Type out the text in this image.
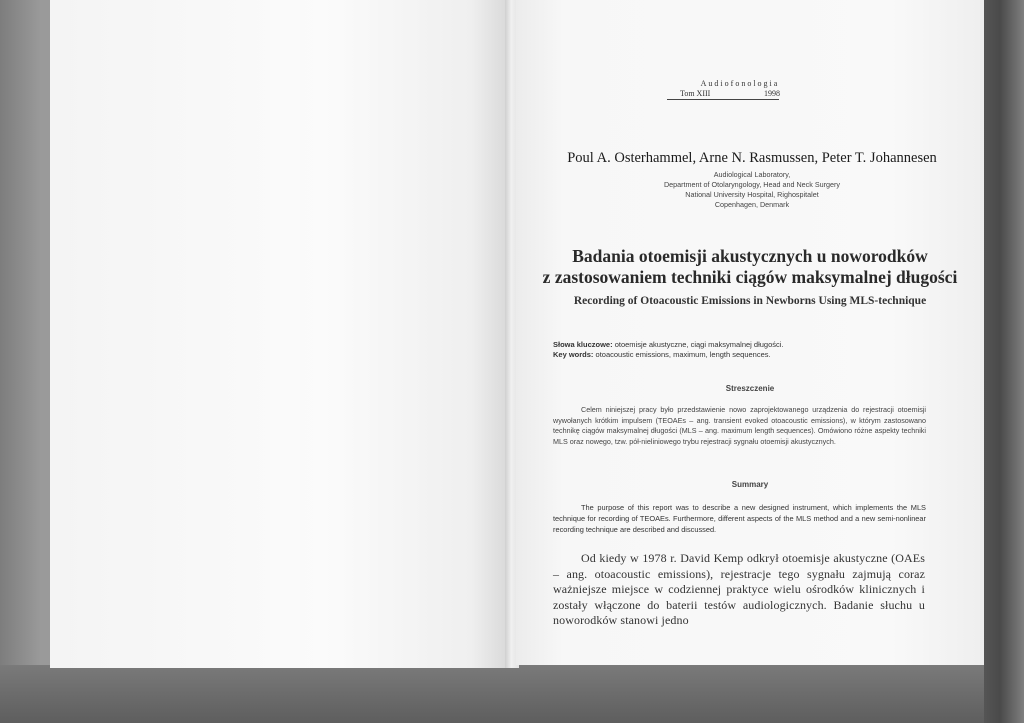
Audiofonologia
Tom XIII	1998
Poul A. Osterhammel, Arne N. Rasmussen, Peter T. Johannesen
Audiological Laboratory,
Department of Otolaryngology, Head and Neck Surgery
National University Hospital, Righospitalet
Copenhagen, Denmark
Badania otoemisji akustycznych u noworodków
z zastosowaniem techniki ciągów maksymalnej długości
Recording of Otoacoustic Emissions in Newborns Using MLS-technique
Słowa kluczowe: otoemisje akustyczne, ciągi maksymalnej długości.
Key words: otoacoustic emissions, maximum, length sequences.
Streszczenie
Celem niniejszej pracy było przedstawienie nowo zaprojektowanego urządzenia do rejestracji otoemisji wywołanych krótkim impulsem (TEOAEs – ang. transient evoked otoacoustic emissions), w którym zastosowano technikę ciągów maksymalnej długości (MLS – ang. maximum length sequences). Omówiono różne aspekty techniki MLS oraz nowego, tzw. pół-nieliniowego trybu rejestracji sygnału otoemisji akustycznych.
Summary
The purpose of this report was to describe a new designed instrument, which implements the MLS technique for recording of TEOAEs. Furthermore, different aspects of the MLS method and a new semi-nonlinear recording technique are described and discussed.
Od kiedy w 1978 r. David Kemp odkrył otoemisje akustyczne (OAEs – ang. otoacoustic emissions), rejestracje tego sygnału zajmują coraz ważniejsze miejsce w codziennej praktyce wielu ośrodków klinicznych i zostały włączone do baterii testów audiologicznych. Badanie słuchu u noworodków stanowi jedno
